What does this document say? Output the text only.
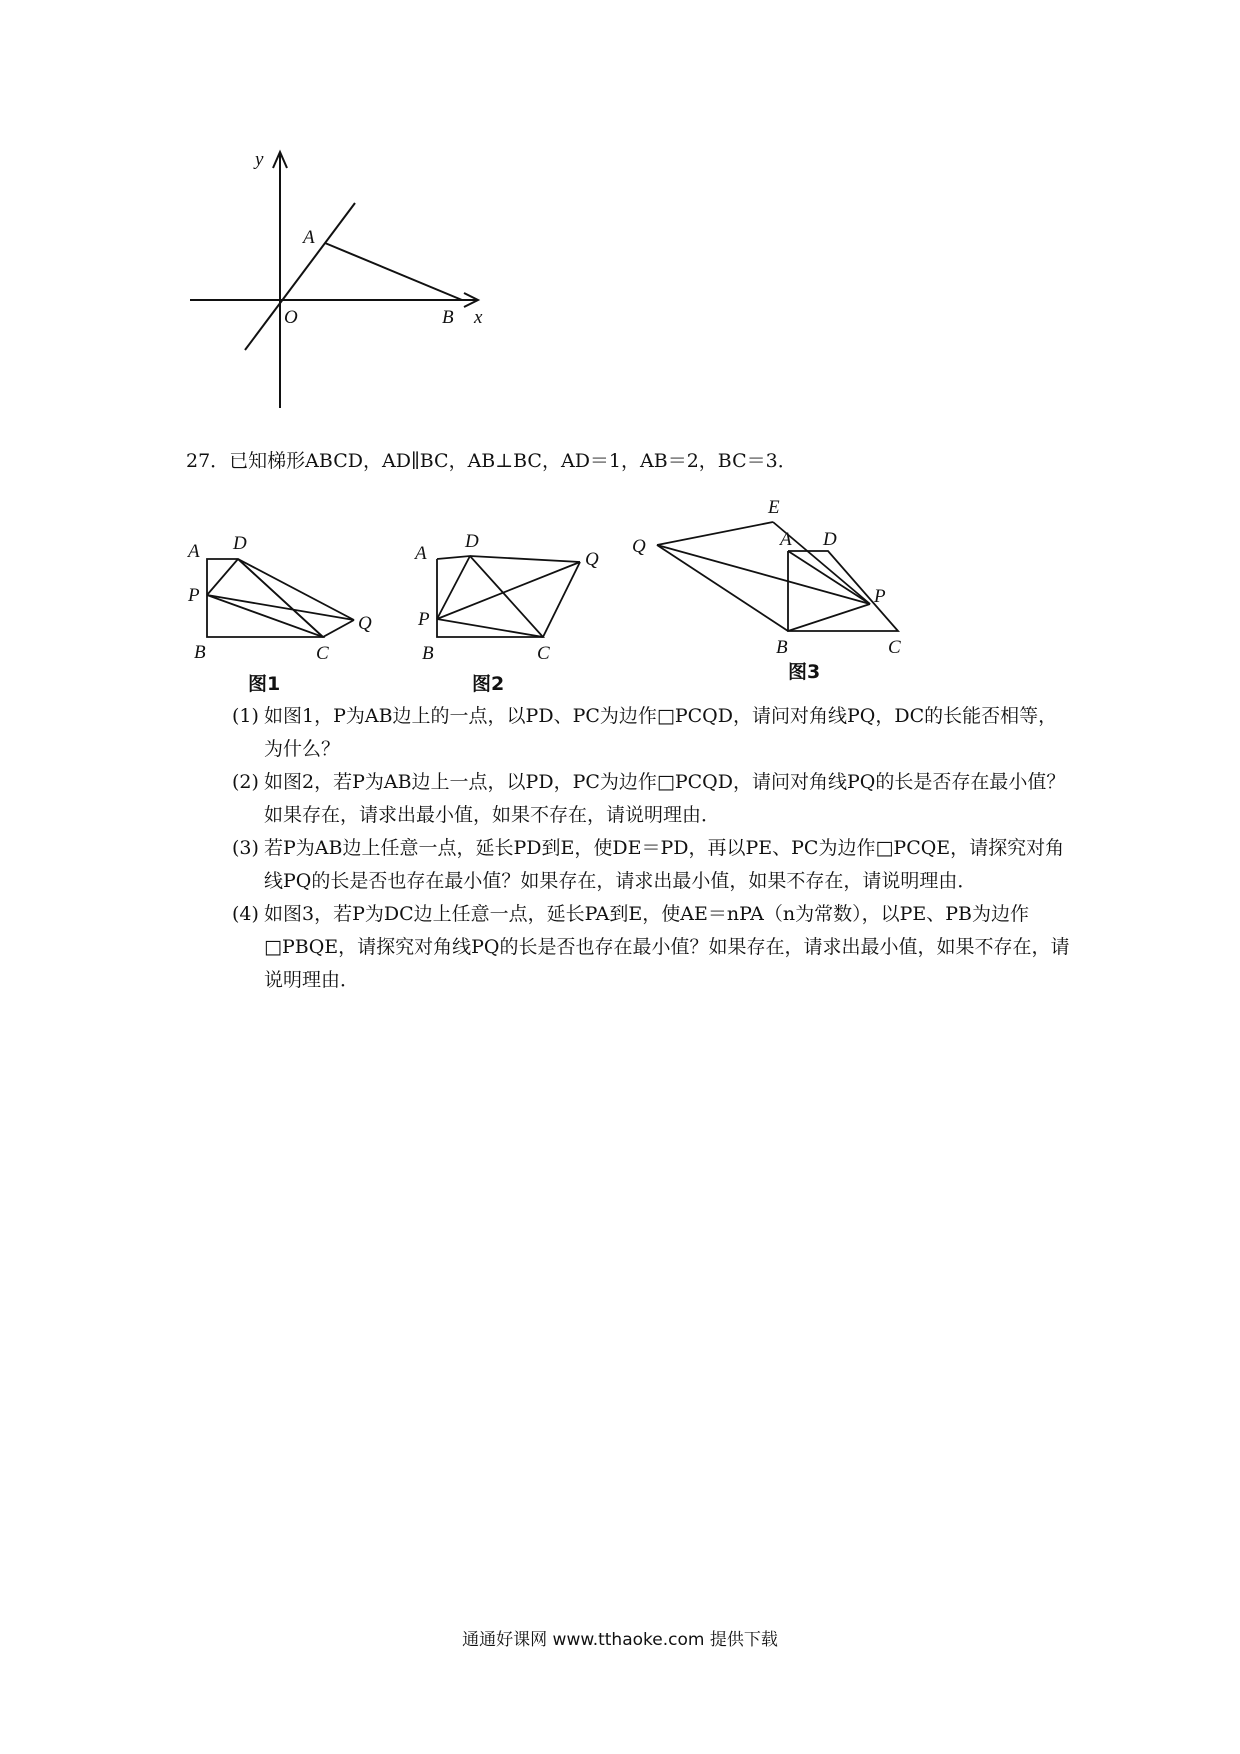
y
x
A
O	B
27．已知梯形ABCD，AD∥BC，AB⊥BC，AD＝1，AB＝2，BC＝3．
A D
P
Q
B	C
图1
A
D
P
Q
B	C
图2
Q
E
A D
P
B	C
图3

(1) 如图1，P为AB边上的一点，以PD、PC为边作□PCQD，请问对角线PQ，DC的长能否相等，为什么？

(2) 如图2，若P为AB边上一点，以PD，PC为边作□PCQD，请问对角线PQ的长是否存在最小值？如果存在，请求出最小值，如果不存在，请说明理由．

(3) 若P为AB边上任意一点，延长PD到E，使DE＝PD，再以PE、PC为边作□PCQE，请探究对角线PQ的长是否也存在最小值？如果存在，请求出最小值，如果不存在，请说明理由．

(4) 如图3，若P为DC边上任意一点，延长PA到E，使AE＝nPA（n为常数），以PE、PB为边作□PBQE，请探究对角线PQ的长是否也存在最小值？如果存在，请求出最小值，如果不存在，请说明理由．

通通好课网 www.tthaoke.com 提供下载
